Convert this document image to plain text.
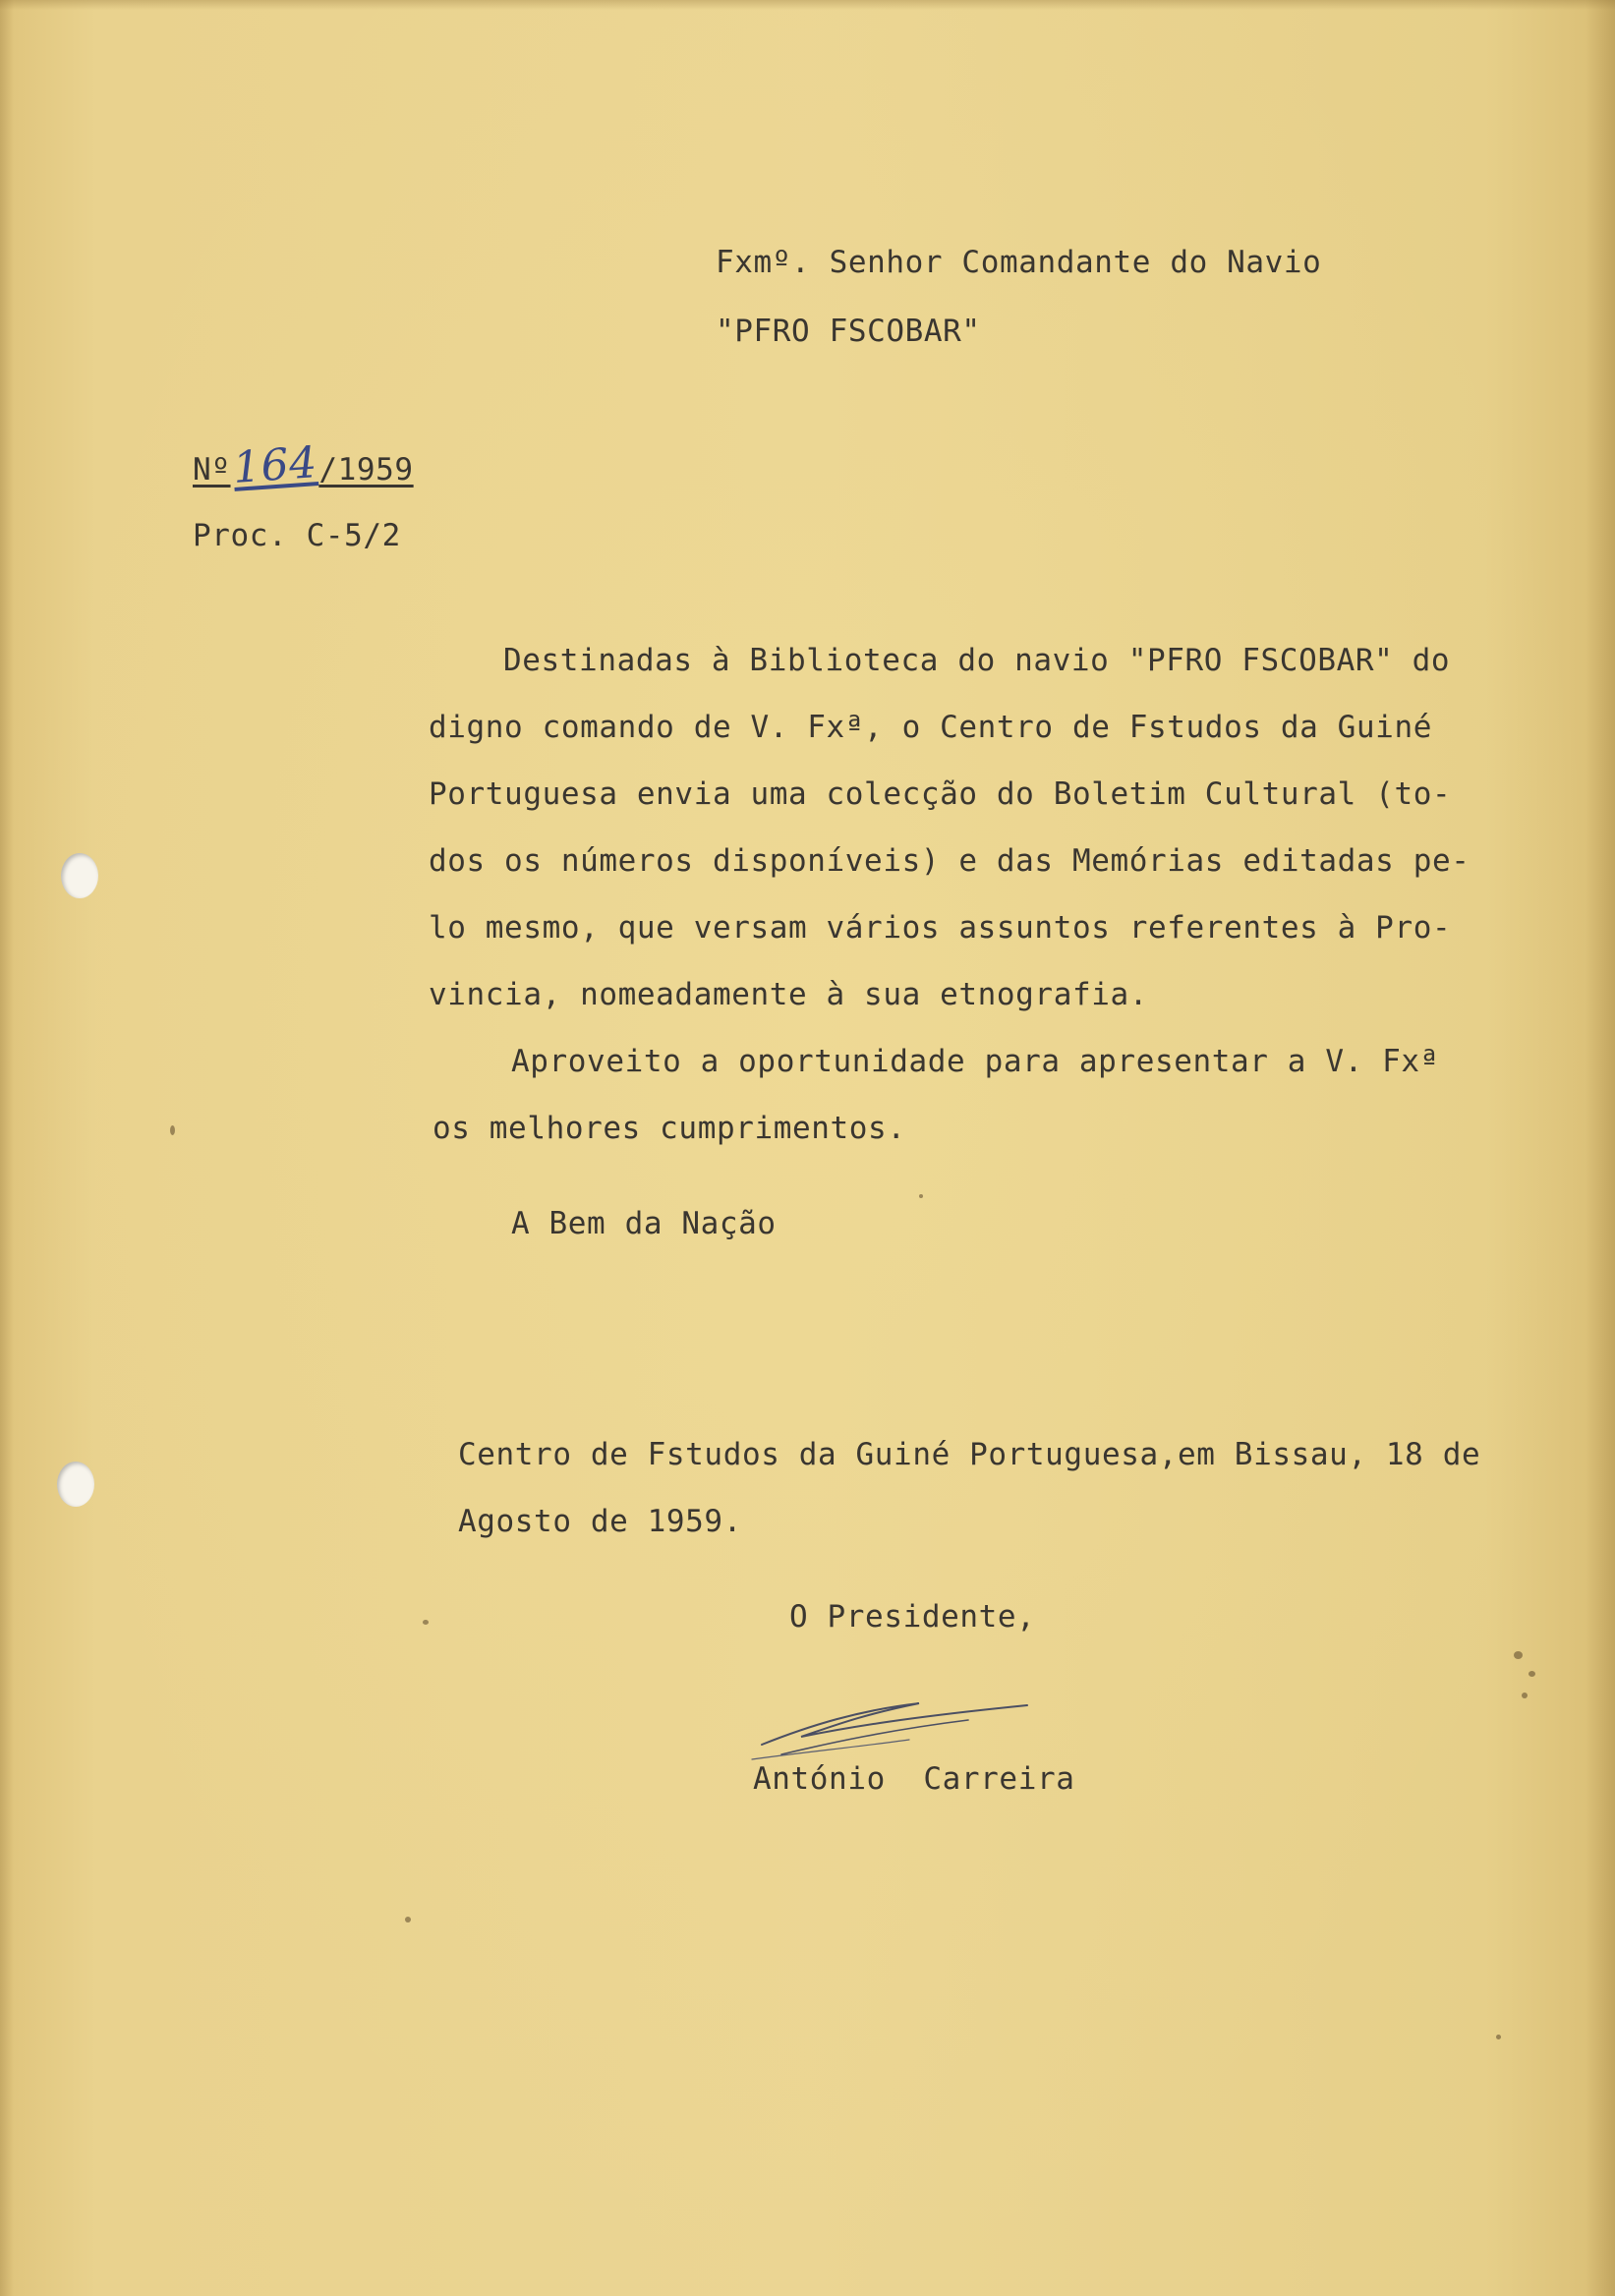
Fxmº. Senhor Comandante do Navio

"PFRO FSCOBAR"

Nº164/1959

Proc. C-5/2

Destinadas à Biblioteca do navio "PFRO FSCOBAR" do

digno comando de V. Fxª, o Centro de Fstudos da Guiné

Portuguesa envia uma colecção do Boletim Cultural (to-

dos os números disponíveis) e das Memórias editadas pe-

lo mesmo, que versam vários assuntos referentes à Pro-

vincia, nomeadamente à sua etnografia.

Aproveito a oportunidade para apresentar a V. Fxª

os melhores cumprimentos.

A Bem da Nação

Centro de Fstudos da Guiné Portuguesa,em Bissau, 18 de

Agosto de 1959.

O Presidente,

António  Carreira
